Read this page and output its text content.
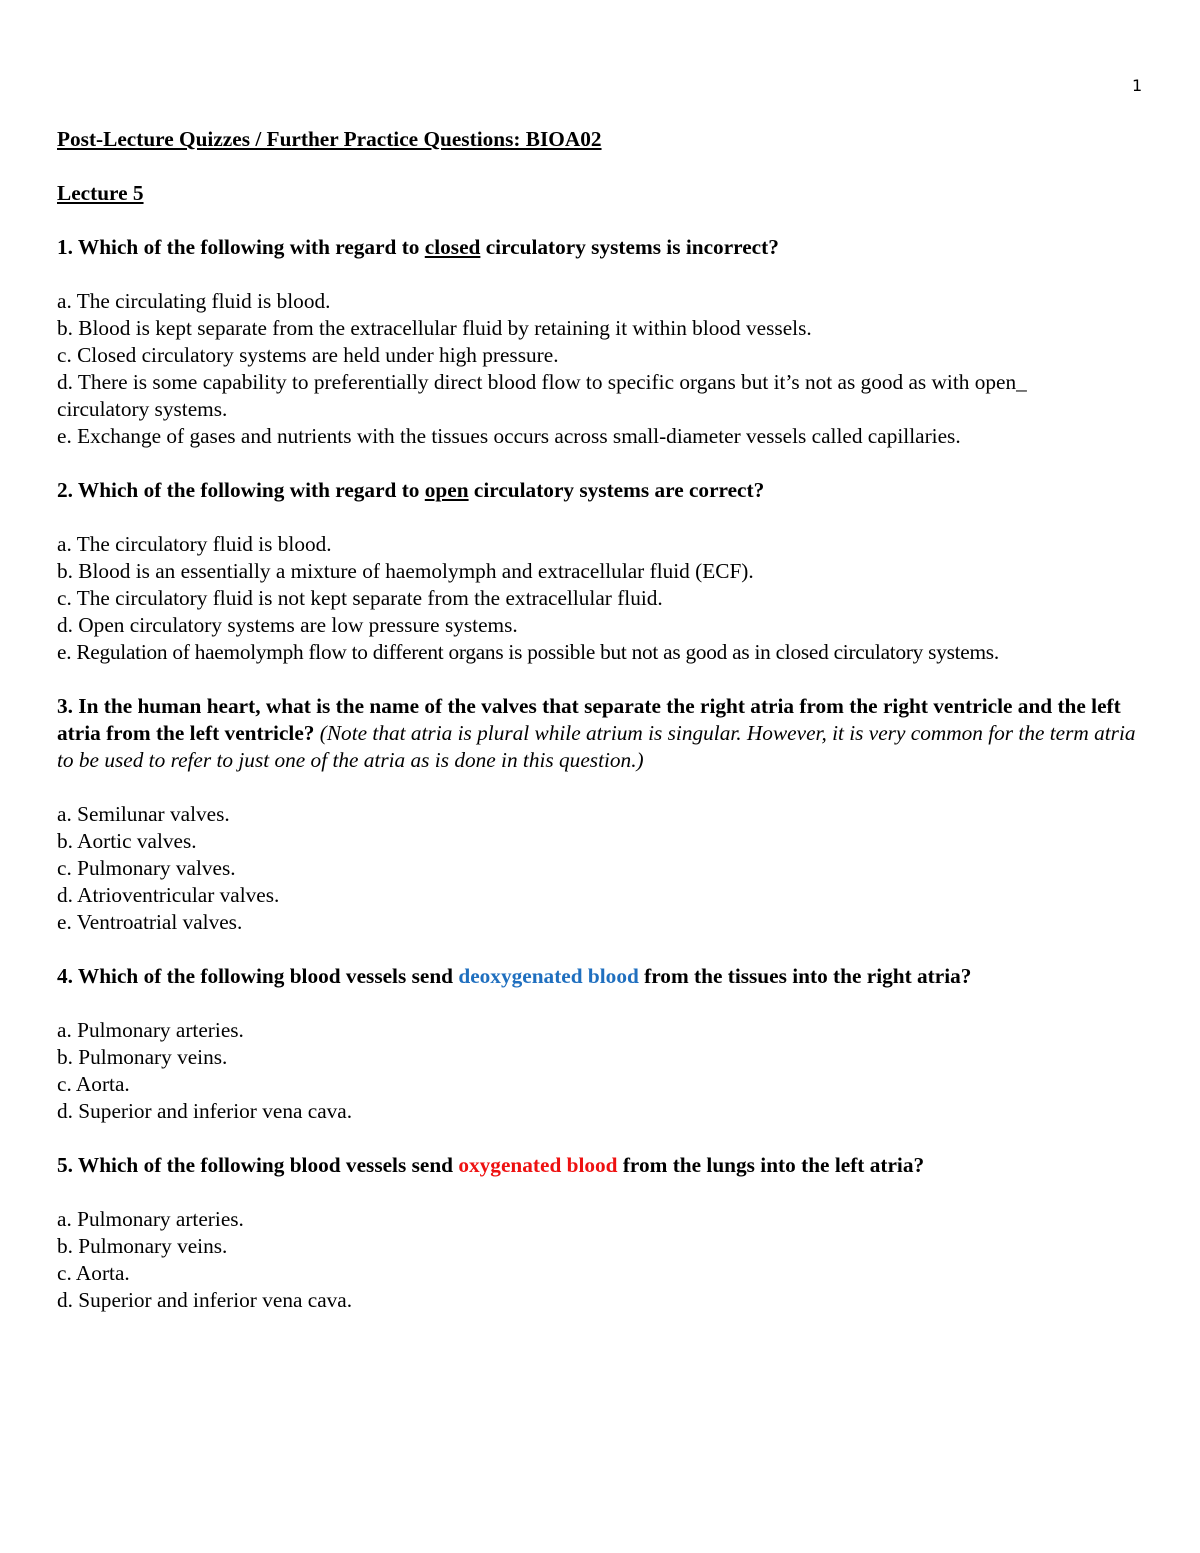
1
Post-Lecture Quizzes / Further Practice Questions: BIOA02
Lecture 5
1. Which of the following with regard to closed circulatory systems is incorrect?
a. The circulating fluid is blood.
b. Blood is kept separate from the extracellular fluid by retaining it within blood vessels.
c. Closed circulatory systems are held under high pressure.
d. There is some capability to preferentially direct blood flow to specific organs but it’s not as good as with open_ circulatory systems.
e. Exchange of gases and nutrients with the tissues occurs across small-diameter vessels called capillaries.
2. Which of the following with regard to open circulatory systems are correct?
a. The circulatory fluid is blood.
b. Blood is an essentially a mixture of haemolymph and extracellular fluid (ECF).
c. The circulatory fluid is not kept separate from the extracellular fluid.
d. Open circulatory systems are low pressure systems.
e. Regulation of haemolymph flow to different organs is possible but not as good as in closed circulatory systems.
3. In the human heart, what is the name of the valves that separate the right atria from the right ventricle and the left atria from the left ventricle? (Note that atria is plural while atrium is singular. However, it is very common for the term atria to be used to refer to just one of the atria as is done in this question.)
a. Semilunar valves.
b. Aortic valves.
c. Pulmonary valves.
d. Atrioventricular valves.
e. Ventroatrial valves.
4. Which of the following blood vessels send deoxygenated blood from the tissues into the right atria?
a. Pulmonary arteries.
b. Pulmonary veins.
c. Aorta.
d. Superior and inferior vena cava.
5. Which of the following blood vessels send oxygenated blood from the lungs into the left atria?
a. Pulmonary arteries.
b. Pulmonary veins.
c. Aorta.
d. Superior and inferior vena cava.
